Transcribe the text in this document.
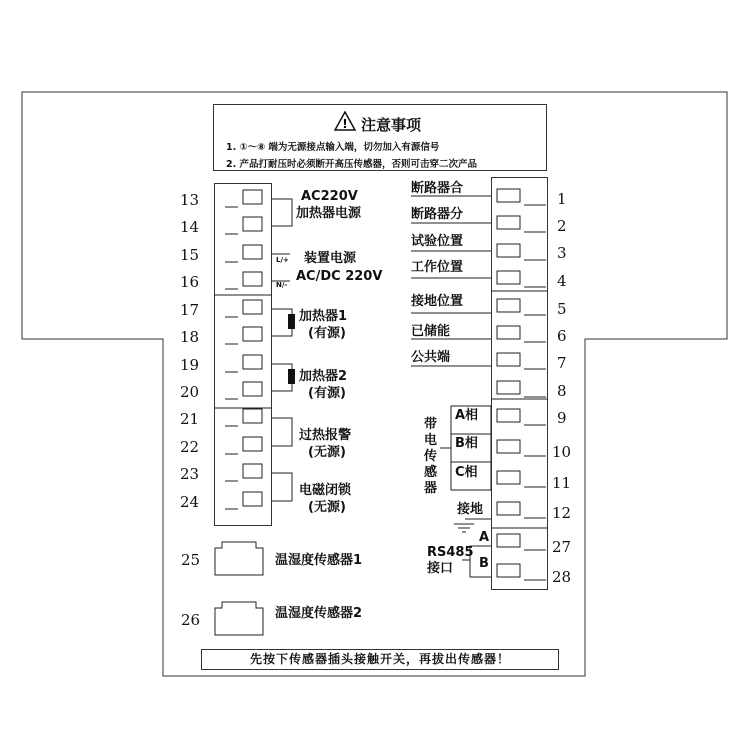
! 注意事项
1. ①～⑧ 端为无源接点输入端，切勿加入有源信号
2. 产品打耐压时必须断开高压传感器，否则可击穿二次产品
13
14
15
16
17
18
19
20
21
22
23
24
1
2
3
4
5
6
7
8
9
10
11
12
27
28
AC220V
加热器电源
L/+
N/-
装置电源
AC/DC 220V
加热器1
(有源)
加热器2
(有源)
过热报警
(无源)
电磁闭锁
(无源)
断路器合
断路器分
试验位置
工作位置
接地位置
已储能
公共端
带电传感器
A相
B相
C相
接地
RS485
接口
A
B
25	温湿度传感器1
26	温湿度传感器2
先按下传感器插头接触开关，再拔出传感器！
